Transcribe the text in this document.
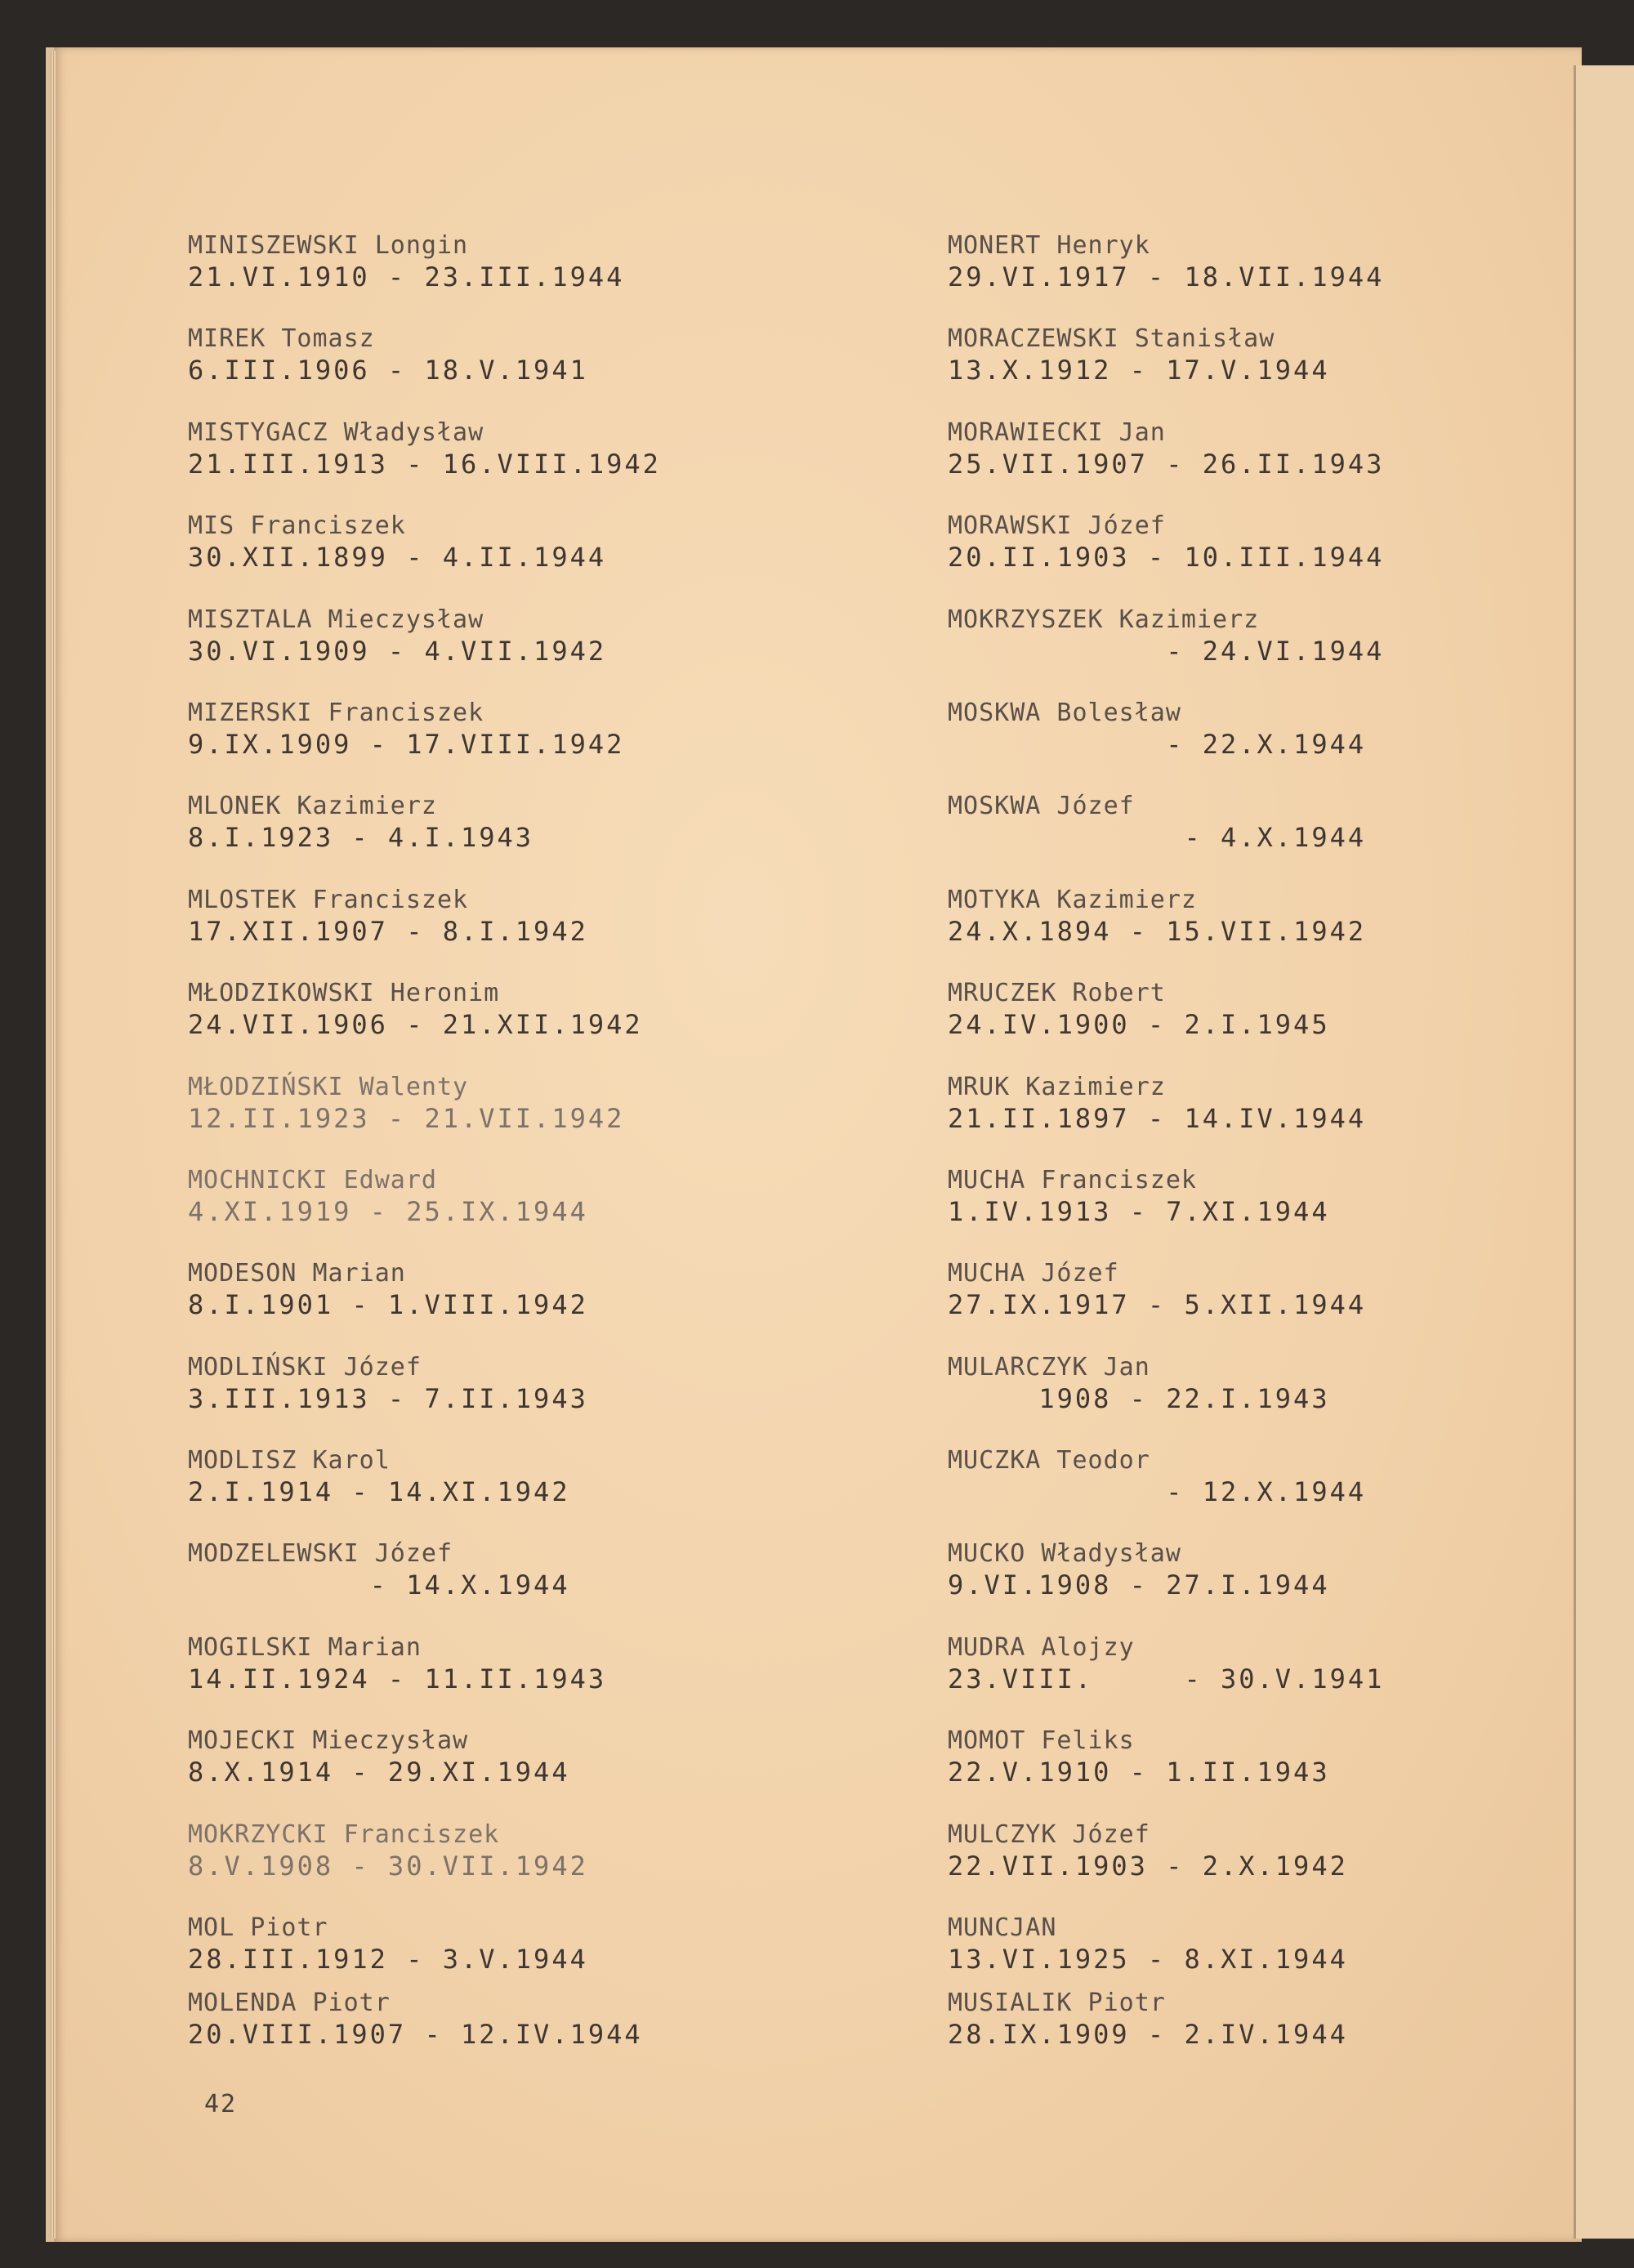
MINISZEWSKI Longin
21.VI.1910 - 23.III.1944
MIREK Tomasz
6.III.1906 - 18.V.1941
MISTYGACZ Władysław
21.III.1913 - 16.VIII.1942
MIS Franciszek
30.XII.1899 - 4.II.1944
MISZTALA Mieczysław
30.VI.1909 - 4.VII.1942
MIZERSKI Franciszek
9.IX.1909 - 17.VIII.1942
MLONEK Kazimierz
8.I.1923 - 4.I.1943
MLOSTEK Franciszek
17.XII.1907 - 8.I.1942
MŁODZIKOWSKI Heronim
24.VII.1906 - 21.XII.1942
MŁODZIŃSKI Walenty
12.II.1923 - 21.VII.1942
MOCHNICKI Edward
4.XI.1919 - 25.IX.1944
MODESON Marian
8.I.1901 - 1.VIII.1942
MODLIŃSKI Józef
3.III.1913 - 7.II.1943
MODLISZ Karol
2.I.1914 - 14.XI.1942
MODZELEWSKI Józef
- 14.X.1944
MOGILSKI Marian
14.II.1924 - 11.II.1943
MOJECKI Mieczysław
8.X.1914 - 29.XI.1944
MOKRZYCKI Franciszek
8.V.1908 - 30.VII.1942
MOL Piotr
28.III.1912 - 3.V.1944
MOLENDA Piotr
20.VIII.1907 - 12.IV.1944
MONERT Henryk
29.VI.1917 - 18.VII.1944
MORACZEWSKI Stanisław
13.X.1912 - 17.V.1944
MORAWIECKI Jan
25.VII.1907 - 26.II.1943
MORAWSKI Józef
20.II.1903 - 10.III.1944
MOKRZYSZEK Kazimierz
- 24.VI.1944
MOSKWA Bolesław
- 22.X.1944
MOSKWA Józef
- 4.X.1944
MOTYKA Kazimierz
24.X.1894 - 15.VII.1942
MRUCZEK Robert
24.IV.1900 - 2.I.1945
MRUK Kazimierz
21.II.1897 - 14.IV.1944
MUCHA Franciszek
1.IV.1913 - 7.XI.1944
MUCHA Józef
27.IX.1917 - 5.XII.1944
MULARCZYK Jan
1908 - 22.I.1943
MUCZKA Teodor
- 12.X.1944
MUCKO Władysław
9.VI.1908 - 27.I.1944
MUDRA Alojzy
23.VIII.     - 30.V.1941
MOMOT Feliks
22.V.1910 - 1.II.1943
MULCZYK Józef
22.VII.1903 - 2.X.1942
MUNCJAN
13.VI.1925 - 8.XI.1944
MUSIALIK Piotr
28.IX.1909 - 2.IV.1944
42
